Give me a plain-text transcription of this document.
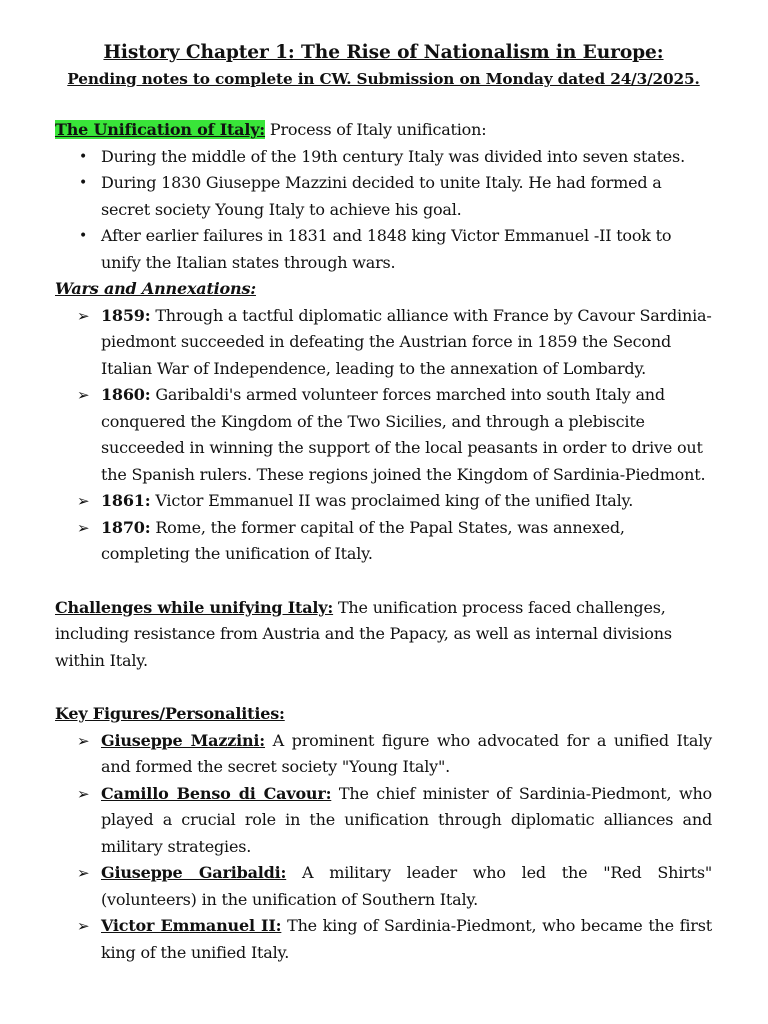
History Chapter 1: The Rise of Nationalism in Europe:

Pending notes to complete in CW. Submission on Monday dated 24/3/2025.

The Unification of Italy: Process of Italy unification:

• During the middle of the 19th century Italy was divided into seven states.
• During 1830 Giuseppe Mazzini decided to unite Italy. He had formed a secret society Young Italy to achieve his goal.
• After earlier failures in 1831 and 1848 king Victor Emmanuel -II took to unify the Italian states through wars.

Wars and Annexations:

➢ 1859: Through a tactful diplomatic alliance with France by Cavour Sardinia-piedmont succeeded in defeating the Austrian force in 1859 the Second Italian War of Independence, leading to the annexation of Lombardy.
➢ 1860: Garibaldi's armed volunteer forces marched into south Italy and conquered the Kingdom of the Two Sicilies, and through a plebiscite succeeded in winning the support of the local peasants in order to drive out the Spanish rulers. These regions joined the Kingdom of Sardinia-Piedmont.
➢ 1861: Victor Emmanuel II was proclaimed king of the unified Italy.
➢ 1870: Rome, the former capital of the Papal States, was annexed, completing the unification of Italy.

Challenges while unifying Italy: The unification process faced challenges, including resistance from Austria and the Papacy, as well as internal divisions within Italy.

Key Figures/Personalities:

➢ Giuseppe Mazzini: A prominent figure who advocated for a unified Italy and formed the secret society "Young Italy".
➢ Camillo Benso di Cavour: The chief minister of Sardinia-Piedmont, who played a crucial role in the unification through diplomatic alliances and military strategies.
➢ Giuseppe Garibaldi: A military leader who led the "Red Shirts" (volunteers) in the unification of Southern Italy.
➢ Victor Emmanuel II: The king of Sardinia-Piedmont, who became the first king of the unified Italy.
